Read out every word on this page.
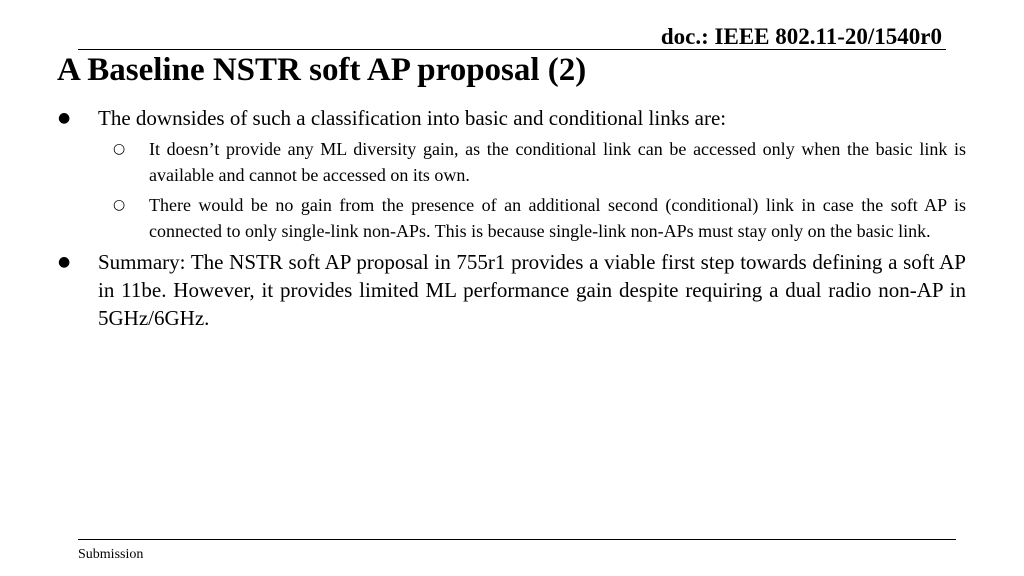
doc.: IEEE 802.11-20/1540r0
A Baseline NSTR soft AP proposal (2)
● The downsides of such a classification into basic and conditional links are:
○ It doesn’t provide any ML diversity gain, as the conditional link can be accessed only when the basic link is available and cannot be accessed on its own.
○ There would be no gain from the presence of an additional second (conditional) link in case the soft AP is connected to only single-link non-APs. This is because single-link non-APs must stay only on the basic link.
● Summary: The NSTR soft AP proposal in 755r1 provides a viable first step towards defining a soft AP in 11be. However, it provides limited ML performance gain despite requiring a dual radio non-AP in 5GHz/6GHz.
Submission
